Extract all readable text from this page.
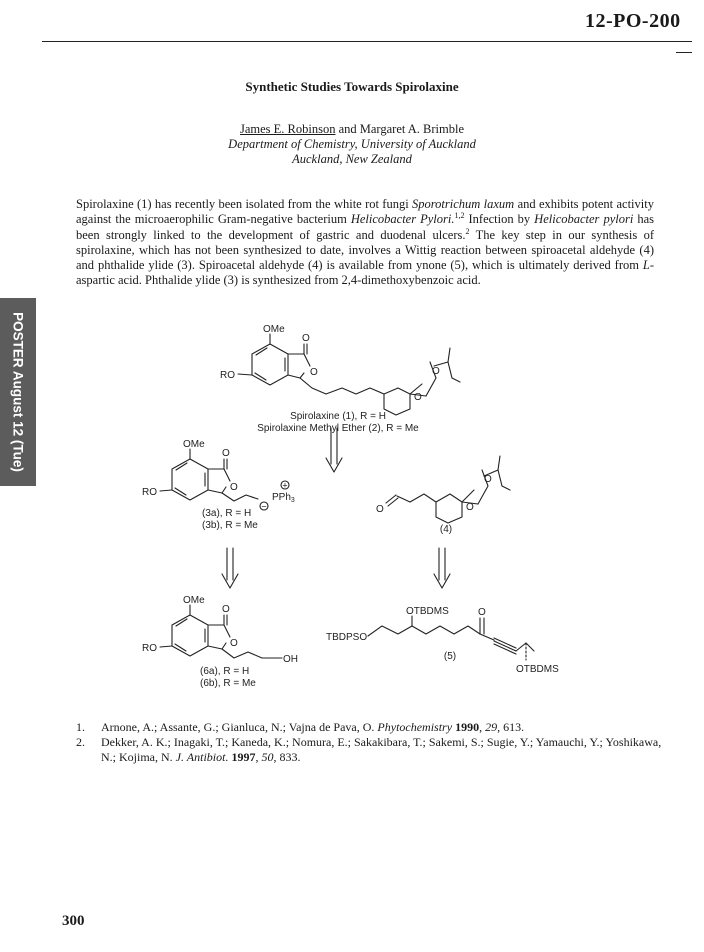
12-PO-200
POSTER August 12 (Tue)
Synthetic Studies Towards Spirolaxine
James E. Robinson and Margaret A. Brimble
Department of Chemistry, University of Auckland
Auckland, New Zealand

Spirolaxine (1) has recently been isolated from the white rot fungi Sporotrichum laxum and exhibits potent activity against the microaerophilic Gram-negative bacterium Helicobacter Pylori.$^{1,2}$ Infection by Helicobacter pylori has been strongly linked to the development of gastric and duodenal ulcers.$^2$ The key step in our synthesis of spirolaxine, which has not been synthesized to date, involves a Wittig reaction between spiroacetal aldehyde (4) and phthalide ylide (3). Spiroacetal aldehyde (4) is available from ynone (5), which is ultimately derived from L-aspartic acid. Phthalide ylide (3) is synthesized from 2,4-dimethoxybenzoic acid.

OMe
O
O
RO
O
O
Spirolaxine (1), R = H
Spirolaxine Methyl Ether (2), R = Me
OMe
O
O
RO
+
PPh$_3$
−
(3a), R = H
(3b), R = Me
O	O
O
(4)
OMe
O
O
RO
OH
(6a), R = H
(6b), R = Me
OTBDMS	O
TBDPSO
OTBDMS
(5)
1. Arnone, A.; Assante, G.; Gianluca, N.; Vajna de Pava, O. Phytochemistry 1990, 29, 613.
2. Dekker, A. K.; Inagaki, T.; Kaneda, K.; Nomura, E.; Sakakibara, T.; Sakemi, S.; Sugie, Y.; Yamauchi, Y.; Yoshikawa, N.; Kojima, N. J. Antibiot. 1997, 50, 833.
300
